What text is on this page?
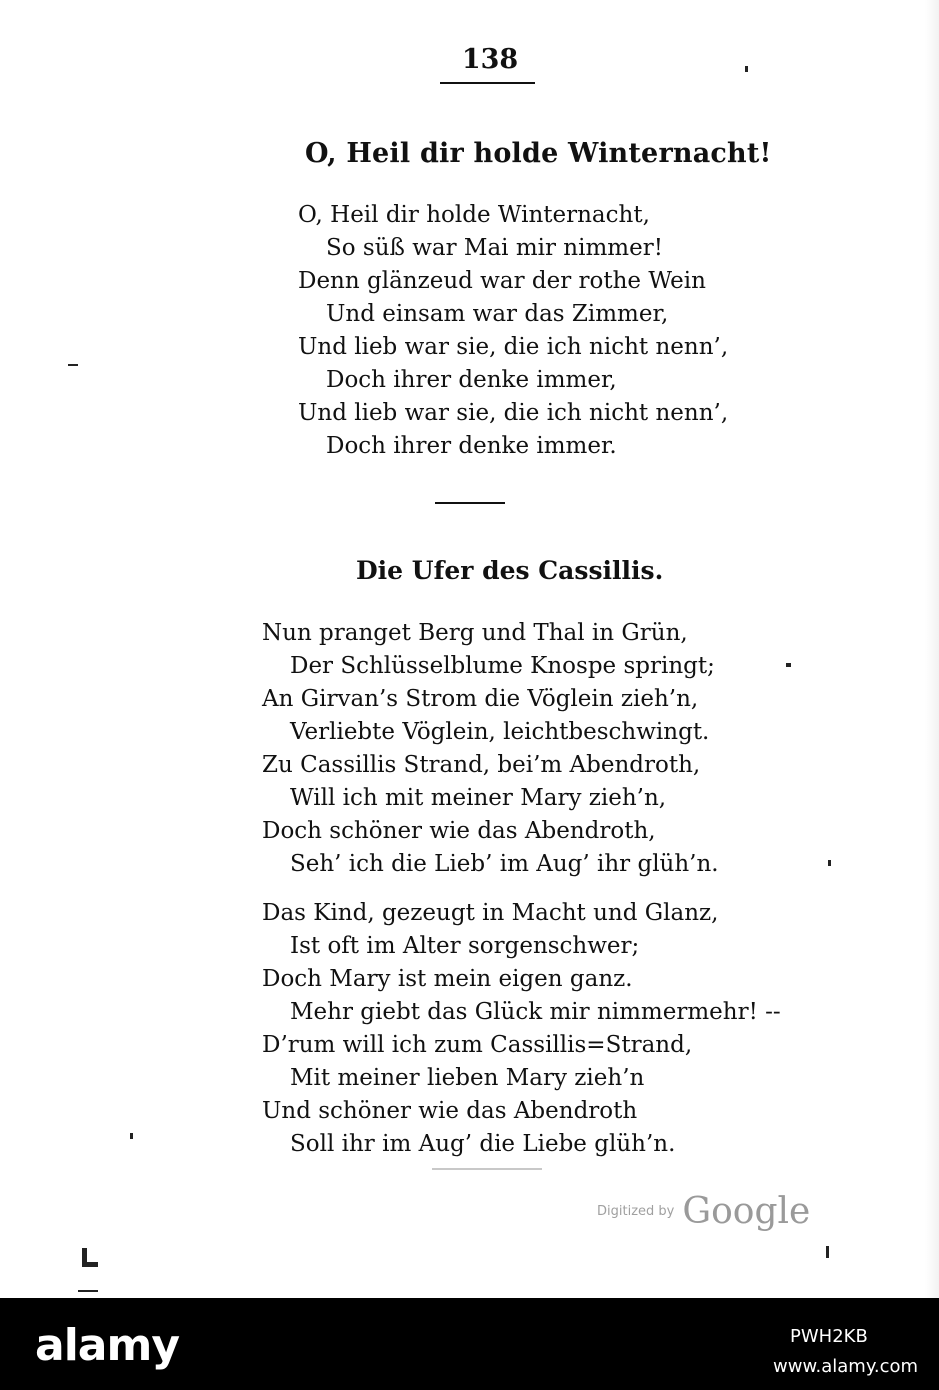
138
O, Heil dir holde Winternacht!
O, Heil dir holde Winternacht,
So süß war Mai mir nimmer!
Denn glänzeud war der rothe Wein
Und einsam war das Zimmer,
Und lieb war sie, die ich nicht nenn’,
Doch ihrer denke immer,
Und lieb war sie, die ich nicht nenn’,
Doch ihrer denke immer.
Die Ufer des Cassillis.
Nun pranget Berg und Thal in Grün,
Der Schlüsselblume Knospe springt;
An Girvan’s Strom die Vöglein zieh’n,
Verliebte Vöglein, leichtbeschwingt.
Zu Cassillis Strand, bei’m Abendroth,
Will ich mit meiner Mary zieh’n,
Doch schöner wie das Abendroth,
Seh’ ich die Lieb’ im Aug’ ihr glüh’n.
Das Kind, gezeugt in Macht und Glanz,
Ist oft im Alter sorgenschwer;
Doch Mary ist mein eigen ganz.
Mehr giebt das Glück mir nimmermehr! --
D’rum will ich zum Cassillis=Strand,
Mit meiner lieben Mary zieh’n
Und schöner wie das Abendroth
Soll ihr im Aug’ die Liebe glüh’n.
Digitized by Google
alamy	PWH2KB
www.alamy.com
